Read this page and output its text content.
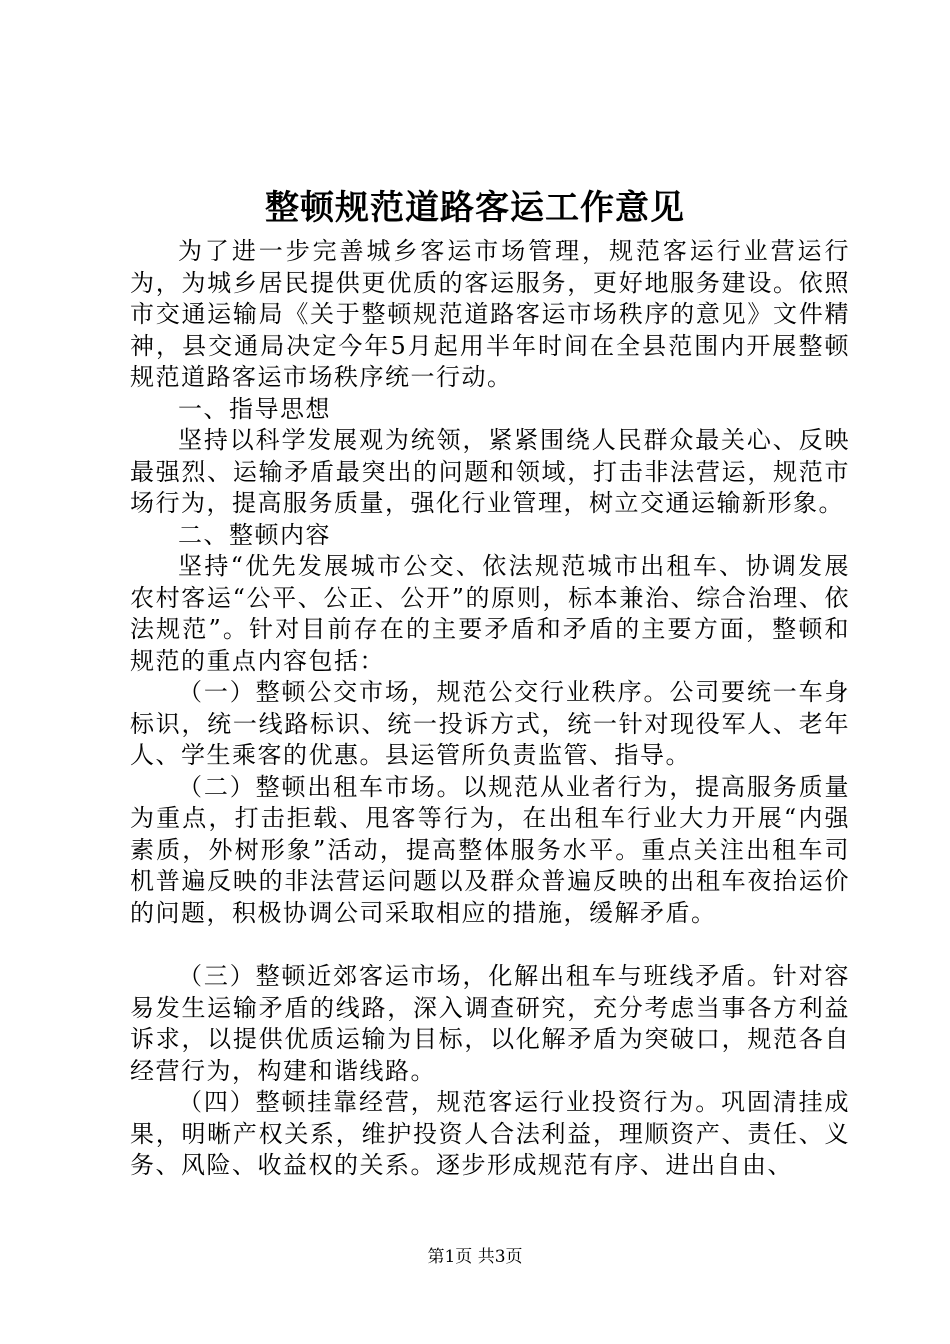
整顿规范道路客运工作意见

为了进一步完善城乡客运市场管理，规范客运行业营运行为，为城乡居民提供更优质的客运服务，更好地服务建设。依照市交通运输局《关于整顿规范道路客运市场秩序的意见》文件精神，县交通局决定今年5月起用半年时间在全县范围内开展整顿规范道路客运市场秩序统一行动。

一、指导思想

坚持以科学发展观为统领，紧紧围绕人民群众最关心、反映最强烈、运输矛盾最突出的问题和领域，打击非法营运，规范市场行为，提高服务质量，强化行业管理，树立交通运输新形象。

二、整顿内容

坚持“优先发展城市公交、依法规范城市出租车、协调发展农村客运“公平、公正、公开”的原则，标本兼治、综合治理、依法规范”。针对目前存在的主要矛盾和矛盾的主要方面，整顿和规范的重点内容包括：

（一）整顿公交市场，规范公交行业秩序。公司要统一车身标识，统一线路标识、统一投诉方式，统一针对现役军人、老年人、学生乘客的优惠。县运管所负责监管、指导。

（二）整顿出租车市场。以规范从业者行为，提高服务质量为重点，打击拒载、甩客等行为，在出租车行业大力开展“内强素质，外树形象”活动，提高整体服务水平。重点关注出租车司机普遍反映的非法营运问题以及群众普遍反映的出租车夜抬运价的问题，积极协调公司采取相应的措施，缓解矛盾。

（三）整顿近郊客运市场，化解出租车与班线矛盾。针对容易发生运输矛盾的线路，深入调查研究，充分考虑当事各方利益诉求，以提供优质运输为目标，以化解矛盾为突破口，规范各自经营行为，构建和谐线路。

（四）整顿挂靠经营，规范客运行业投资行为。巩固清挂成果，明晰产权关系，维护投资人合法利益，理顺资产、责任、义务、风险、收益权的关系。逐步形成规范有序、进出自由、

第1页 共3页
